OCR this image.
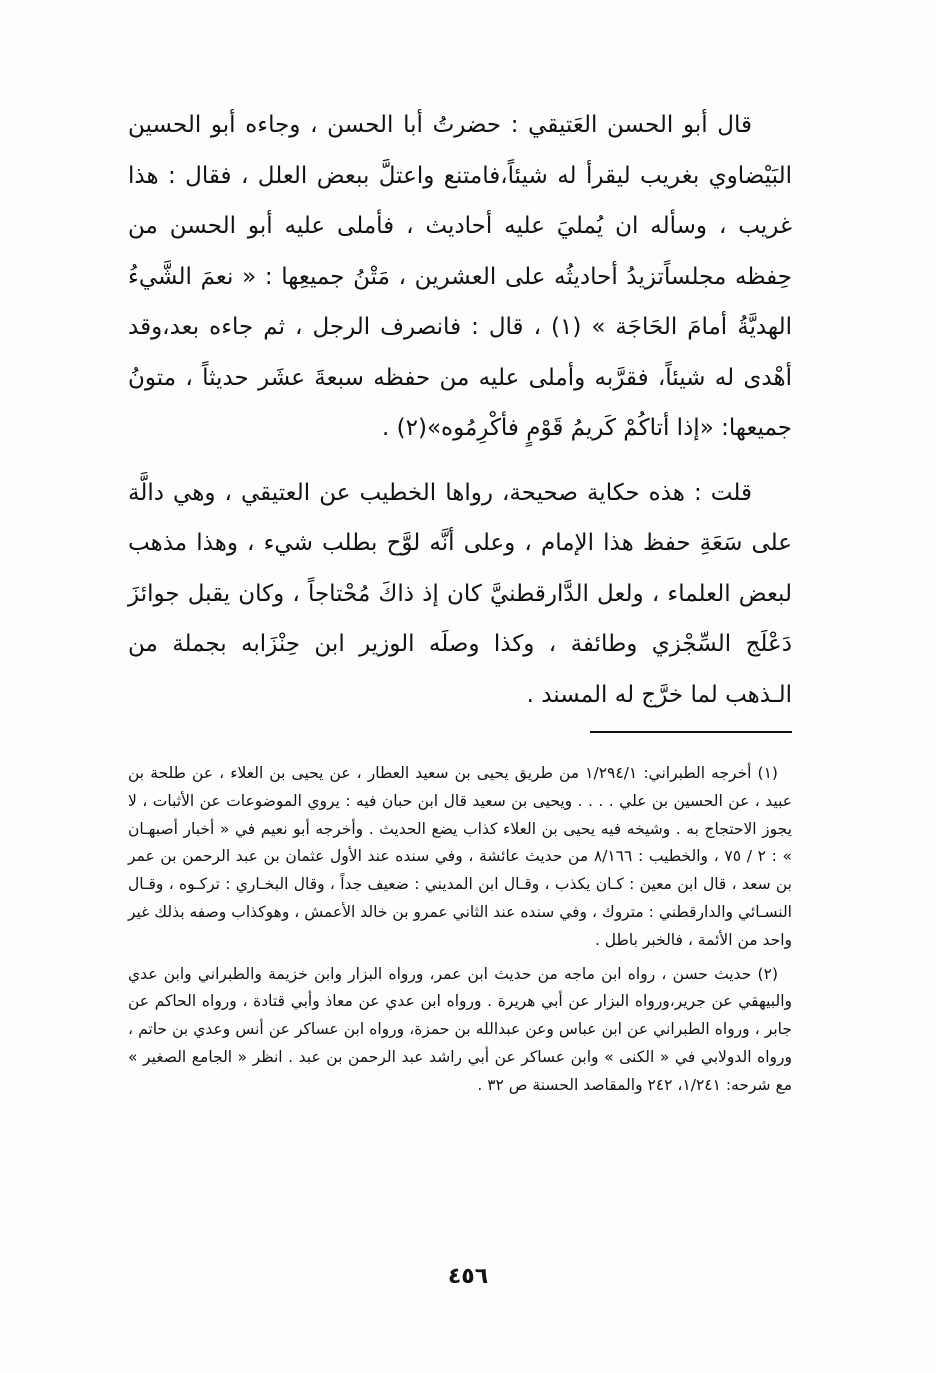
قال أبو الحسن العَتيقي : حضرتُ أبا الحسن ، وجاءه أبو الحسين البَيْضاوي بغريب ليقرأ له شيئاً،فامتنع واعتلَّ ببعض العلل ، فقال : هذا غريب ، وسأله ان يُمليَ عليه أحاديث ، فأملى عليه أبو الحسن من حِفظه مجلساًتزيدُ أحاديثُه على العشرين ، مَتْنُ جميعِها : « نعمَ الشَّيءُ الهديَّةُ أمامَ الحَاجَة » (١) ، قال : فانصرف الرجل ، ثم جاءه بعد،وقد أهْدى له شيئاً، فقرَّبه وأملى عليه من حفظه سبعةَ عشَر حديثاً ، متونُ جميعها: «إذا أتاكُمْ كَريمُ قَوْمٍ فأكْرِمُوه»(٢) .

قلت : هذه حكاية صحيحة، رواها الخطيب عن العتيقي ، وهي دالَّة على سَعَةِ حفظ هذا الإمام ، وعلى أنَّه لوَّح بطلب شيء ، وهذا مذهب لبعض العلماء ، ولعل الدَّارقطنيَّ كان إذ ذاكَ مُحْتاجاً ، وكان يقبل جوائزَ دَعْلَج السِّجْزي وطائفة ، وكذا وصلَه الوزير ابن حِنْزَابه بجملة من الـذهب لما خرَّج له المسند .

(١) أخرجه الطبراني: ١/٢٩٤/١ من طريق يحيى بن سعيد العطار ، عن يحيى بن العلاء ، عن طلحة بن عبيد ، عن الحسين بن علي . . . . ويحيى بن سعيد قال ابن حبان فيه : يروي الموضوعات عن الأثبات ، لا يجوز الاحتجاج به . وشيخه فيه يحيى بن العلاء كذاب يضع الحديث . وأخرجه أبو نعيم في « أخبار أصبهـان » : ٢ / ٧٥ ، والخطيب : ٨/١٦٦ من حديث عائشة ، وفي سنده عند الأول عثمان بن عبد الرحمن بن عمر بن سعد ، قال ابن معين : كـان يكذب ، وقـال ابن المديني : ضعيف جداً ، وقال البخـاري : تركـوه ، وقـال النسـائي والدارقطني : متروك ، وفي سنده عند الثاني عمرو بن خالد الأعمش ، وهوكذاب وصفه بذلك غير واحد من الأئمة ، فالخبر باطل .

(٢) حديث حسن ، رواه ابن ماجه من حديث ابن عمر، ورواه البزار وابن خزيمة والطبراني وابن عدي والبيهقي عن جرير،ورواه البزار عن أبي هريرة . ورواه ابن عدي عن معاذ وأبي قتادة ، ورواه الحاكم عن جابر ، ورواه الطبراني عن ابن عباس وعن عبدالله بن حمزة، ورواه ابن عساكر عن أنس وعدي بن حاتم ، ورواه الدولابي في « الكنى » وابن عساكر عن أبي راشد عبد الرحمن بن عبد . انظر « الجامع الصغير » مع شرحه: ١/٢٤١، ٢٤٢ والمقاصد الحسنة ص ٣٢ .

٤٥٦
